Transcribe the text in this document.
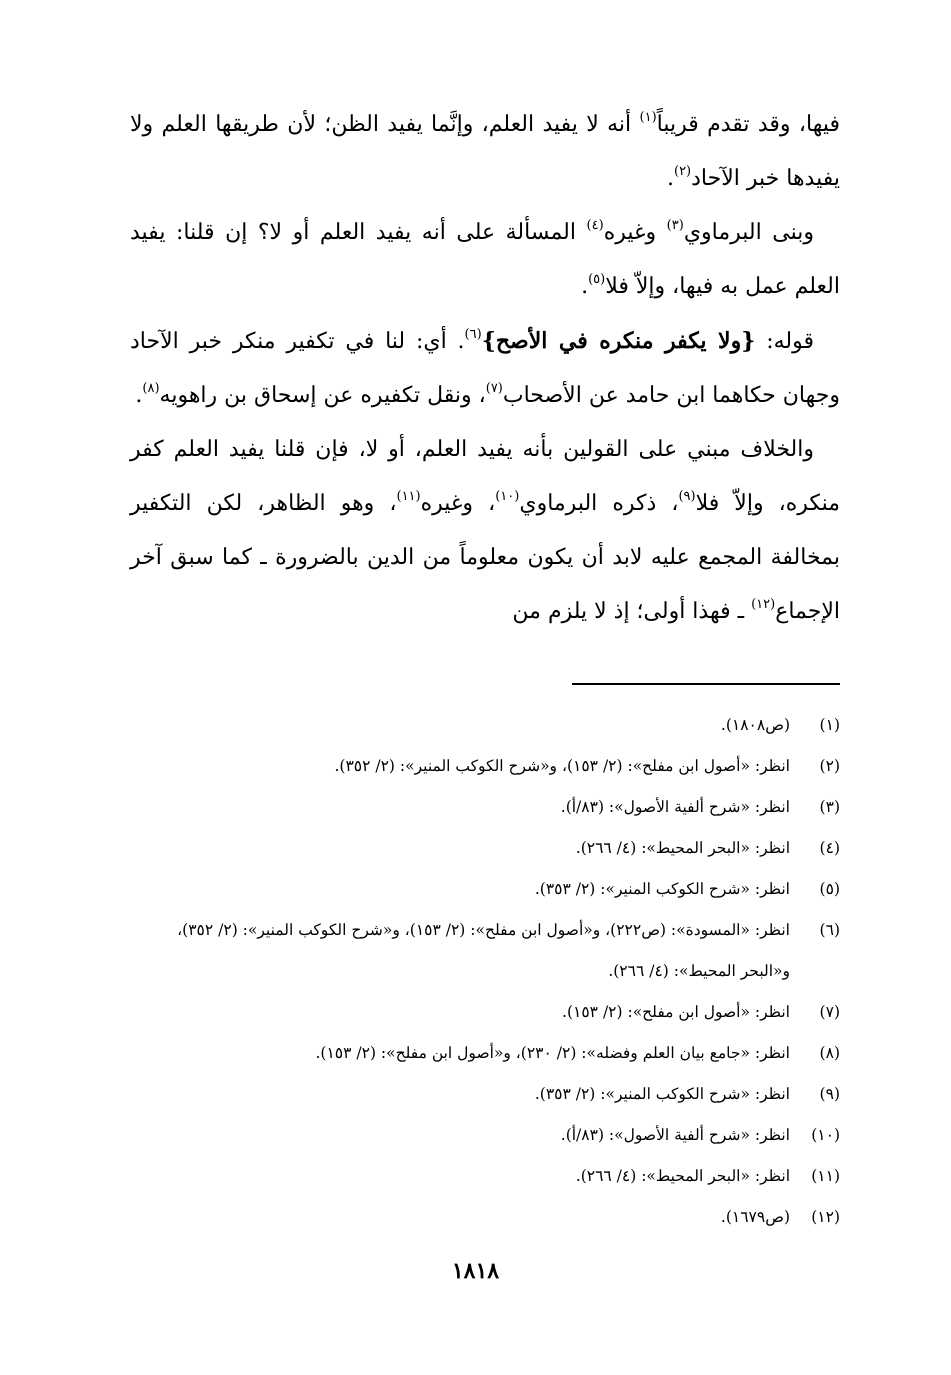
فيها، وقد تقدم قريباً$^{(١)}$ أنه لا يفيد العلم، وإنَّما يفيد الظن؛ لأن طريقها العلم ولا يفيدها خبر الآحاد$^{(٢)}$.

وبنى البرماوي$^{(٣)}$ وغيره$^{(٤)}$ المسألة على أنه يفيد العلم أو لا؟ إن قلنا: يفيد العلم عمل به فيها، وإلاّ فلا$^{(٥)}$.

قوله: {ولا يكفر منكره في الأصح}$^{(٦)}$. أي: لنا في تكفير منكر خبر الآحاد وجهان حكاهما ابن حامد عن الأصحاب$^{(٧)}$، ونقل تكفيره عن إسحاق بن راهويه$^{(٨)}$.

والخلاف مبني على القولين بأنه يفيد العلم، أو لا، فإن قلنا يفيد العلم كفر منكره، وإلاّ فلا$^{(٩)}$، ذكره البرماوي$^{(١٠)}$، وغيره$^{(١١)}$، وهو الظاهر، لكن التكفير بمخالفة المجمع عليه لابد أن يكون معلوماً من الدين بالضرورة ـ كما سبق آخر الإجماع$^{(١٢)}$ ـ فهذا أولى؛ إذ لا يلزم من

(١)
(ص١٨٠٨).
(٢)
انظر: «أصول ابن مفلح»: (٢/ ١٥٣)، و«شرح الكوكب المنير»: (٢/ ٣٥٢).
(٣)
انظر: «شرح ألفية الأصول»: (٨٣/أ).
(٤)
انظر: «البحر المحيط»: (٤/ ٢٦٦).
(٥)
انظر: «شرح الكوكب المنير»: (٢/ ٣٥٣).
(٦)
انظر: «المسودة»: (ص٢٢٢)، و«أصول ابن مفلح»: (٢/ ١٥٣)، و«شرح الكوكب المنير»: (٢/ ٣٥٢)، و«البحر المحيط»: (٤/ ٢٦٦).
(٧)
انظر: «أصول ابن مفلح»: (٢/ ١٥٣).
(٨)
انظر: «جامع بيان العلم وفضله»: (٢/ ٢٣٠)، و«أصول ابن مفلح»: (٢/ ١٥٣).
(٩)
انظر: «شرح الكوكب المنير»: (٢/ ٣٥٣).
(١٠)
انظر: «شرح ألفية الأصول»: (٨٣/أ).
(١١)
انظر: «البحر المحيط»: (٤/ ٢٦٦).
(١٢)
(ص١٦٧٩).
١٨١٨
